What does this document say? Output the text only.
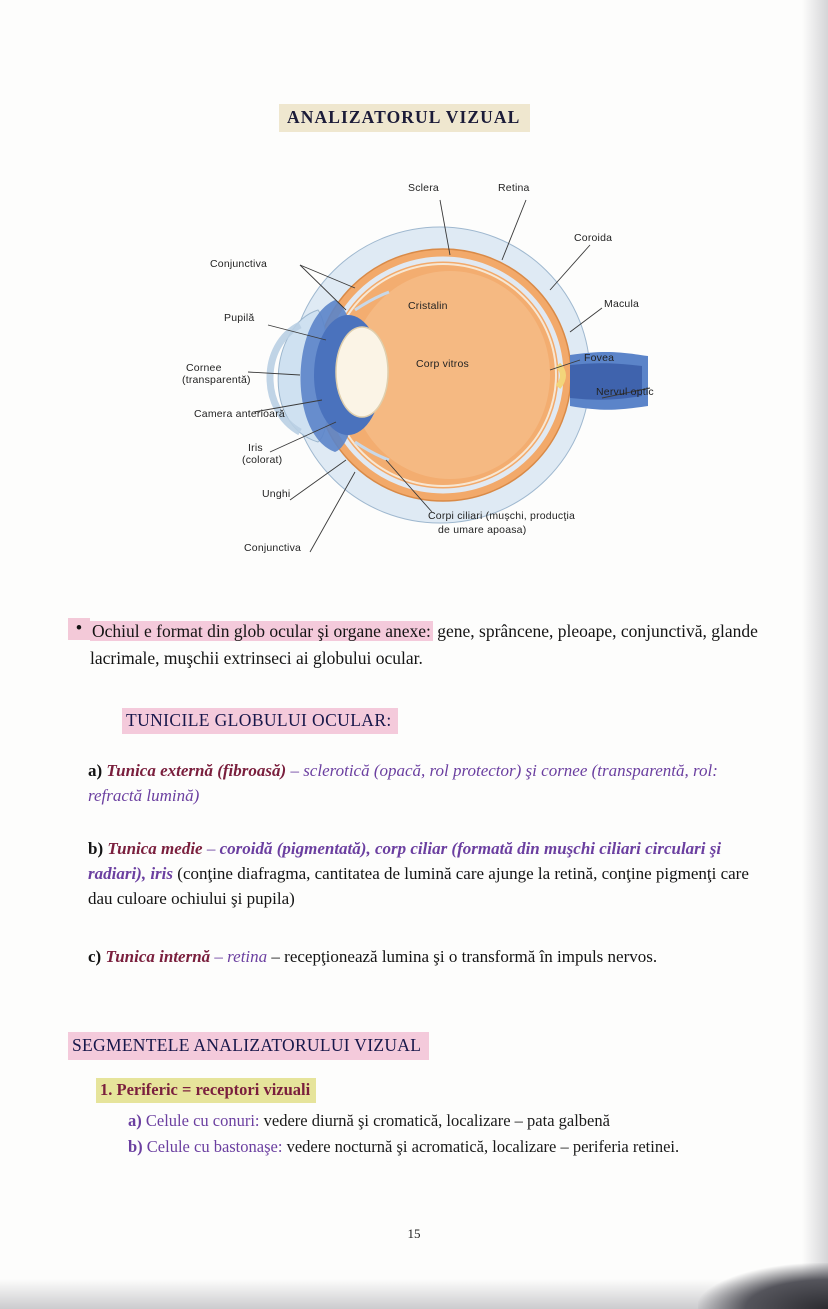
ANALIZATORUL VIZUAL
Sclera	Retina
Coroida
Macula
Fovea
Nervul optic
Conjunctiva
Pupilă
Cornee
(transparentă)
Camera anterioară
Iris
(colorat)
Unghi
Conjunctiva
Cristalin
Corp vitros
Corpi ciliari (muşchi, producţia
de umare apoasa)
• Ochiul e format din glob ocular şi organe anexe: gene, sprâncene, pleoape, conjunctivă, glande lacrimale, muşchii extrinseci ai globului ocular.
TUNICILE GLOBULUI OCULAR:
a) Tunica externă (fibroasă) – sclerotică (opacă, rol protector) şi cornee (transparentă, rol: refractă lumină)
b) Tunica medie – coroidă (pigmentată), corp ciliar (formată din muşchi ciliari circulari şi radiari), iris (conţine diafragma, cantitatea de lumină care ajunge la retină, conţine pigmenţi care dau culoare ochiului şi pupila)
c) Tunica internă – retina – recepţionează lumina şi o transformă în impuls nervos.
SEGMENTELE ANALIZATORULUI VIZUAL
1. Periferic = receptori vizuali
a) Celule cu conuri: vedere diurnă şi cromatică, localizare – pata galbenă
b) Celule cu bastonaşe: vedere nocturnă şi acromatică, localizare – periferia retinei.
15
